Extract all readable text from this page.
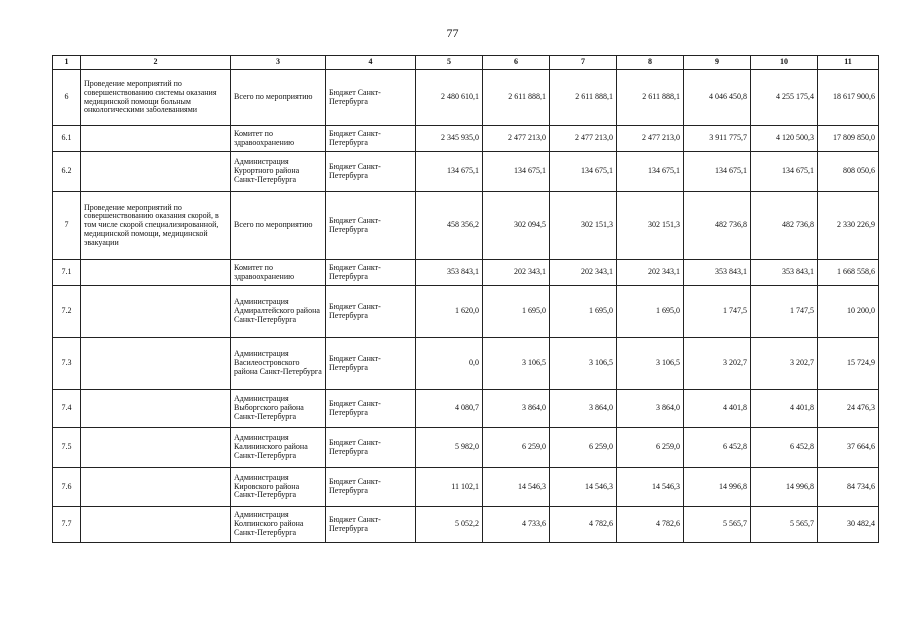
77
1	2	3	4	5	6	7	8	9	10	11
6	Проведение мероприятий по совершенствованию системы оказания медицинской помощи больным онкологическими заболеваниями	Всего по мероприятию	Бюджет Санкт-Петербурга	2 480 610,1	2 611 888,1	2 611 888,1	2 611 888,1	4 046 450,8	4 255 175,4	18 617 900,6
6.1		Комитет по здравоохранению	Бюджет Санкт-Петербурга	2 345 935,0	2 477 213,0	2 477 213,0	2 477 213,0	3 911 775,7	4 120 500,3	17 809 850,0
6.2		Администрация Курортного района Санкт-Петербурга	Бюджет Санкт-Петербурга	134 675,1	134 675,1	134 675,1	134 675,1	134 675,1	134 675,1	808 050,6
7	Проведение мероприятий по совершенствованию оказания скорой, в том числе скорой специализированной, медицинской помощи, медицинской эвакуации	Всего по мероприятию	Бюджет Санкт-Петербурга	458 356,2	302 094,5	302 151,3	302 151,3	482 736,8	482 736,8	2 330 226,9
7.1		Комитет по здравоохранению	Бюджет Санкт-Петербурга	353 843,1	202 343,1	202 343,1	202 343,1	353 843,1	353 843,1	1 668 558,6
7.2		Администрация Адмиралтейского района Санкт-Петербурга	Бюджет Санкт-Петербурга	1 620,0	1 695,0	1 695,0	1 695,0	1 747,5	1 747,5	10 200,0
7.3		Администрация Василеостровского района Санкт-Петербурга	Бюджет Санкт-Петербурга	0,0	3 106,5	3 106,5	3 106,5	3 202,7	3 202,7	15 724,9
7.4		Администрация Выборгского района Санкт-Петербурга	Бюджет Санкт-Петербурга	4 080,7	3 864,0	3 864,0	3 864,0	4 401,8	4 401,8	24 476,3
7.5		Администрация Калининского района Санкт-Петербурга	Бюджет Санкт-Петербурга	5 982,0	6 259,0	6 259,0	6 259,0	6 452,8	6 452,8	37 664,6
7.6		Администрация Кировского района Санкт-Петербурга	Бюджет Санкт-Петербурга	11 102,1	14 546,3	14 546,3	14 546,3	14 996,8	14 996,8	84 734,6
7.7		Администрация Колпинского района Санкт-Петербурга	Бюджет Санкт-Петербурга	5 052,2	4 733,6	4 782,6	4 782,6	5 565,7	5 565,7	30 482,4
